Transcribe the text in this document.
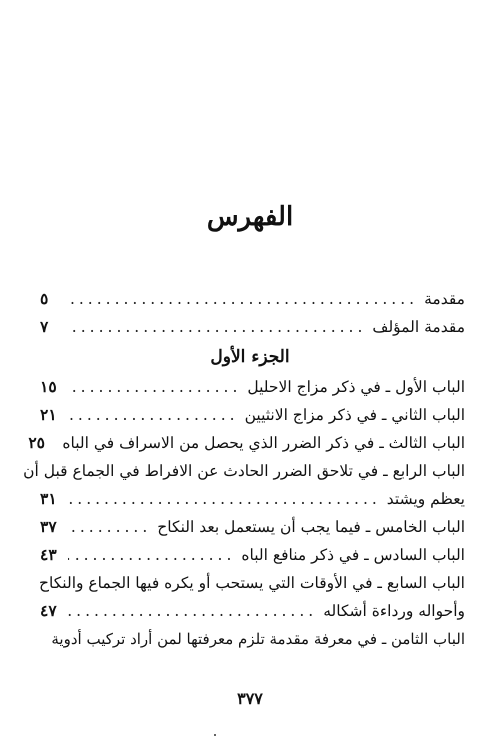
الفهرس
مقدمة
.....
٥
مقدمة المؤلف
.....
٧
الباب الأول ـ في ذكر مزاج الاحليل
.....
١٥
الباب الثاني ـ في ذكر مزاج الانثيين
.....
٢١
الباب الثالث ـ في ذكر الضرر الذي يحصل من الاسراف في الباه
٢٥
الباب الرابع ـ في تلاحق الضرر الحادث عن الافراط في الجماع قبل أن
يعظم ويشتد
.....
٣١
الباب الخامس ـ فيما يجب أن يستعمل بعد النكاح
.....
٣٧
الباب السادس ـ في ذكر منافع الباه
.....
٤٣
الباب السابع ـ في الأوقات التي يستحب أو يكره فيها الجماع والنكاح
وأحواله ورداءة أشكاله
.....
٤٧
الباب الثامن ـ في معرفة مقدمة تلزم معرفتها لمن أراد تركيب أدوية
الجزء الأول
٣٧٧
